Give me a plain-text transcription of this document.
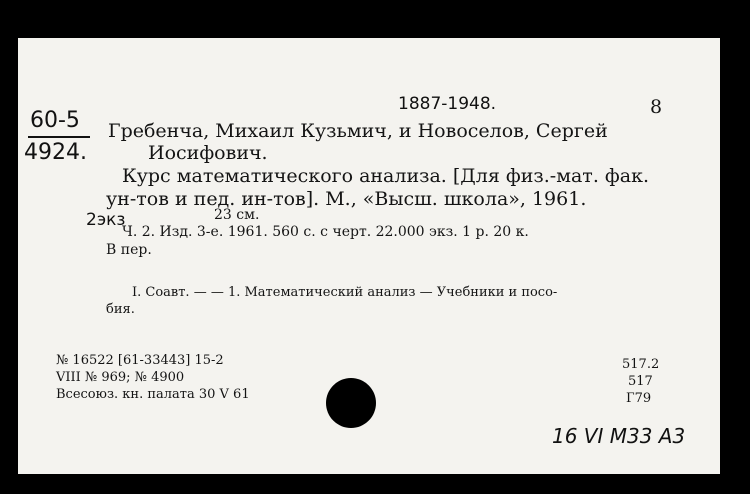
60-5
4924.
1887-1948.	8
Гребенча, Михаил Кузьмич, и Новоселов, Сергей
Иосифович.
Курс математического анализа. [Для физ.-мат. фак.
ун-тов и пед. ин-тов]. М., «Высш. школа», 1961.
23 см.
2экз
Ч. 2. Изд. 3-е. 1961. 560 с. с черт. 22.000 экз. 1 р. 20 к.
В пер.
I. Соавт. — — 1. Математический анализ — Учебники и посо-
бия.
№ 16522 [61-33443] 15-2
VIII № 969; № 4900
Всесоюз. кн. палата 30 V 61
517.2
517
Г79
16 VI М33 А3
